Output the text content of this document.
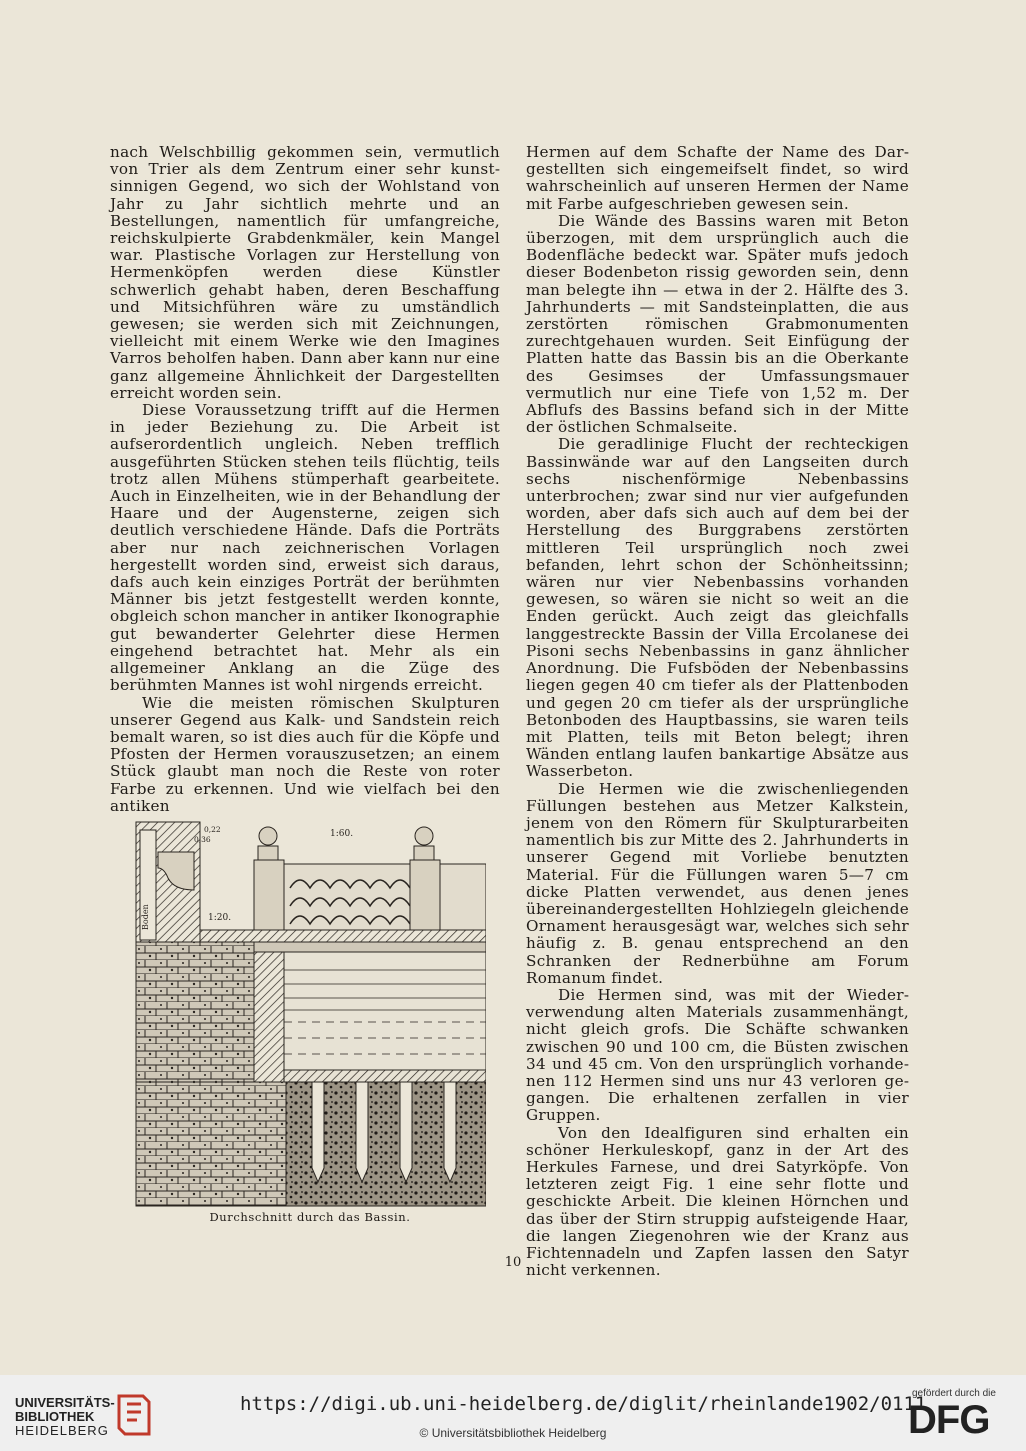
nach Welschbillig gekommen sein, vermutlich von Trier als dem Zentrum einer sehr kunstsinnigen Gegend, wo sich der Wohlstand von Jahr zu Jahr sichtlich mehrte und an Bestellungen, namentlich für umfangreiche, reichskulpierte Grabdenkmäler, kein Mangel war. Plastische Vorlagen zur Herstellung von Hermenköpfen werden diese Künstler schwerlich gehabt haben, deren Beschaffung und Mitsichführen wäre zu umständlich gewesen; sie werden sich mit Zeichnungen, vielleicht mit einem Werke wie den Imagines Varros beholfen haben. Dann aber kann nur eine ganz allgemeine Ähnlichkeit der Dargestellten erreicht worden sein.

Diese Voraussetzung trifft auf die Hermen in jeder Beziehung zu. Die Arbeit ist aufserordentlich ungleich. Neben trefflich ausgeführten Stücken stehen teils flüchtig, teils trotz allen Mühens stümperhaft gearbeitete. Auch in Einzelheiten, wie in der Behandlung der Haare und der Augensterne, zeigen sich deutlich verschiedene Hände. Dafs die Porträts aber nur nach zeichnerischen Vorlagen hergestellt worden sind, erweist sich daraus, dafs auch kein einziges Porträt der berühmten Männer bis jetzt festgestellt werden konnte, obgleich schon mancher in antiker Ikonographie gut bewanderter Gelehrter diese Hermen eingehend betrachtet hat. Mehr als ein allgemeiner Anklang an die Züge des berühmten Mannes ist wohl nirgends erreicht.

Wie die meisten römischen Skulpturen unserer Gegend aus Kalk- und Sandstein reich bemalt waren, so ist dies auch für die Köpfe und Pfosten der Hermen vorauszusetzen; an einem Stück glaubt man noch die Reste von roter Farbe zu erkennen. Und wie vielfach bei den antiken

Hermen auf dem Schafte der Name des Dargestellten sich eingemeifselt findet, so wird wahrscheinlich auf unseren Hermen der Name mit Farbe aufgeschrieben gewesen sein.

Die Wände des Bassins waren mit Beton überzogen, mit dem ursprünglich auch die Bodenfläche bedeckt war. Später mufs jedoch dieser Bodenbeton rissig geworden sein, denn man belegte ihn — etwa in der 2. Hälfte des 3. Jahrhunderts — mit Sandsteinplatten, die aus zerstörten römischen Grabmonumenten zurechtgehauen wurden. Seit Einfügung der Platten hatte das Bassin bis an die Oberkante des Gesimses der Umfassungsmauer vermutlich nur eine Tiefe von 1,52 m. Der Abflufs des Bassins befand sich in der Mitte der östlichen Schmalseite.

Die geradlinige Flucht der rechteckigen Bassinwände war auf den Langseiten durch sechs nischenförmige Nebenbassins unterbrochen; zwar sind nur vier aufgefunden worden, aber dafs sich auch auf dem bei der Herstellung des Burggrabens zerstörten mittleren Teil ursprünglich noch zwei befanden, lehrt schon der Schönheitssinn; wären nur vier Nebenbassins vorhanden gewesen, so wären sie nicht so weit an die Enden gerückt. Auch zeigt das gleichfalls langgestreckte Bassin der Villa Ercolanese dei Pisoni sechs Nebenbassins in ganz ähnlicher Anordnung. Die Fufsböden der Nebenbassins liegen gegen 40 cm tiefer als der Plattenboden und gegen 20 cm tiefer als der ursprüngliche Betonboden des Hauptbassins, sie waren teils mit Platten, teils mit Beton belegt; ihren Wänden entlang laufen bankartige Absätze aus Wasserbeton.

Die Hermen wie die zwischenliegenden Füllungen bestehen aus Metzer Kalkstein, jenem von den Römern für Skulpturarbeiten namentlich bis zur Mitte des 2. Jahrhunderts in unserer Gegend mit Vorliebe benutzten Material. Für die Füllungen waren 5—7 cm dicke Platten verwendet, aus denen jenes übereinandergestellten Hohlziegeln gleichende Ornament herausgesägt war, welches sich sehr häufig z. B. genau entsprechend an den Schranken der Rednerbühne am Forum Romanum findet.

Die Hermen sind, was mit der Wiederverwendung alten Materials zusammenhängt, nicht gleich grofs. Die Schäfte schwanken zwischen 90 und 100 cm, die Büsten zwischen 34 und 45 cm. Von den ursprünglich vorhandenen 112 Hermen sind uns nur 43 verloren gegangen. Die erhaltenen zerfallen in vier Gruppen.

Von den Idealfiguren sind erhalten ein schöner Herkuleskopf, ganz in der Art des Herkules Farnese, und drei Satyrköpfe. Von letzteren zeigt Fig. 1 eine sehr flotte und geschickte Arbeit. Die kleinen Hörnchen und das über der Stirn struppig aufsteigende Haar, die langen Ziegenohren wie der Kranz aus Fichtennadeln und Zapfen lassen den Satyr nicht verkennen.

Boden
0,22
0,36
1:20.
1:60.
Durchschnitt durch das Bassin.
10
UNIVERSITÄTS-
BIBLIOTHEK
HEIDELBERG
https://digi.ub.uni-heidelberg.de/diglit/rheinlande1902/0111
© Universitätsbibliothek Heidelberg
gefördert durch die
DFG
